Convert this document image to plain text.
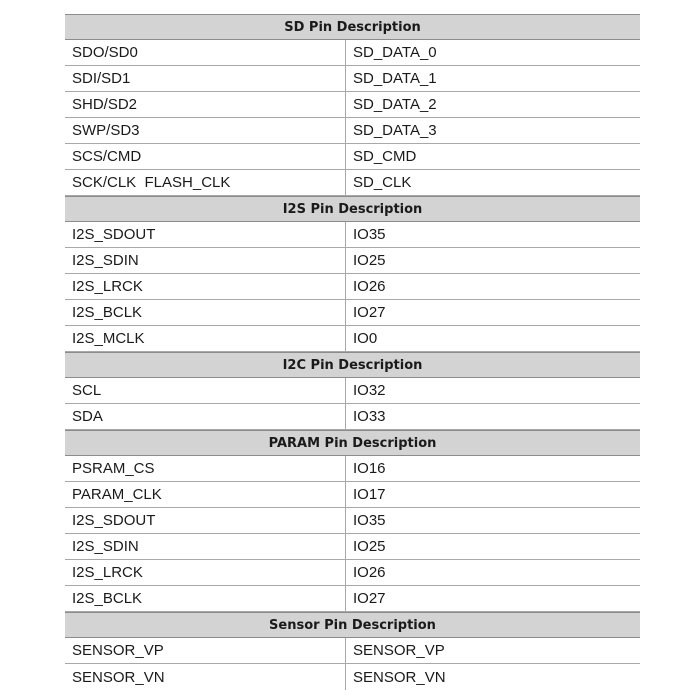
SD Pin Description
SDO/SD0	SD_DATA_0
SDI/SD1	SD_DATA_1
SHD/SD2	SD_DATA_2
SWP/SD3	SD_DATA_3
SCS/CMD	SD_CMD
SCK/CLK  FLASH_CLK	SD_CLK
I2S Pin Description
I2S_SDOUT	IO35
I2S_SDIN	IO25
I2S_LRCK	IO26
I2S_BCLK	IO27
I2S_MCLK	IO0
I2C Pin Description
SCL	IO32
SDA	IO33
PARAM Pin Description
PSRAM_CS	IO16
PARAM_CLK	IO17
I2S_SDOUT	IO35
I2S_SDIN	IO25
I2S_LRCK	IO26
I2S_BCLK	IO27
Sensor Pin Description
SENSOR_VP	SENSOR_VP
SENSOR_VN	SENSOR_VN
